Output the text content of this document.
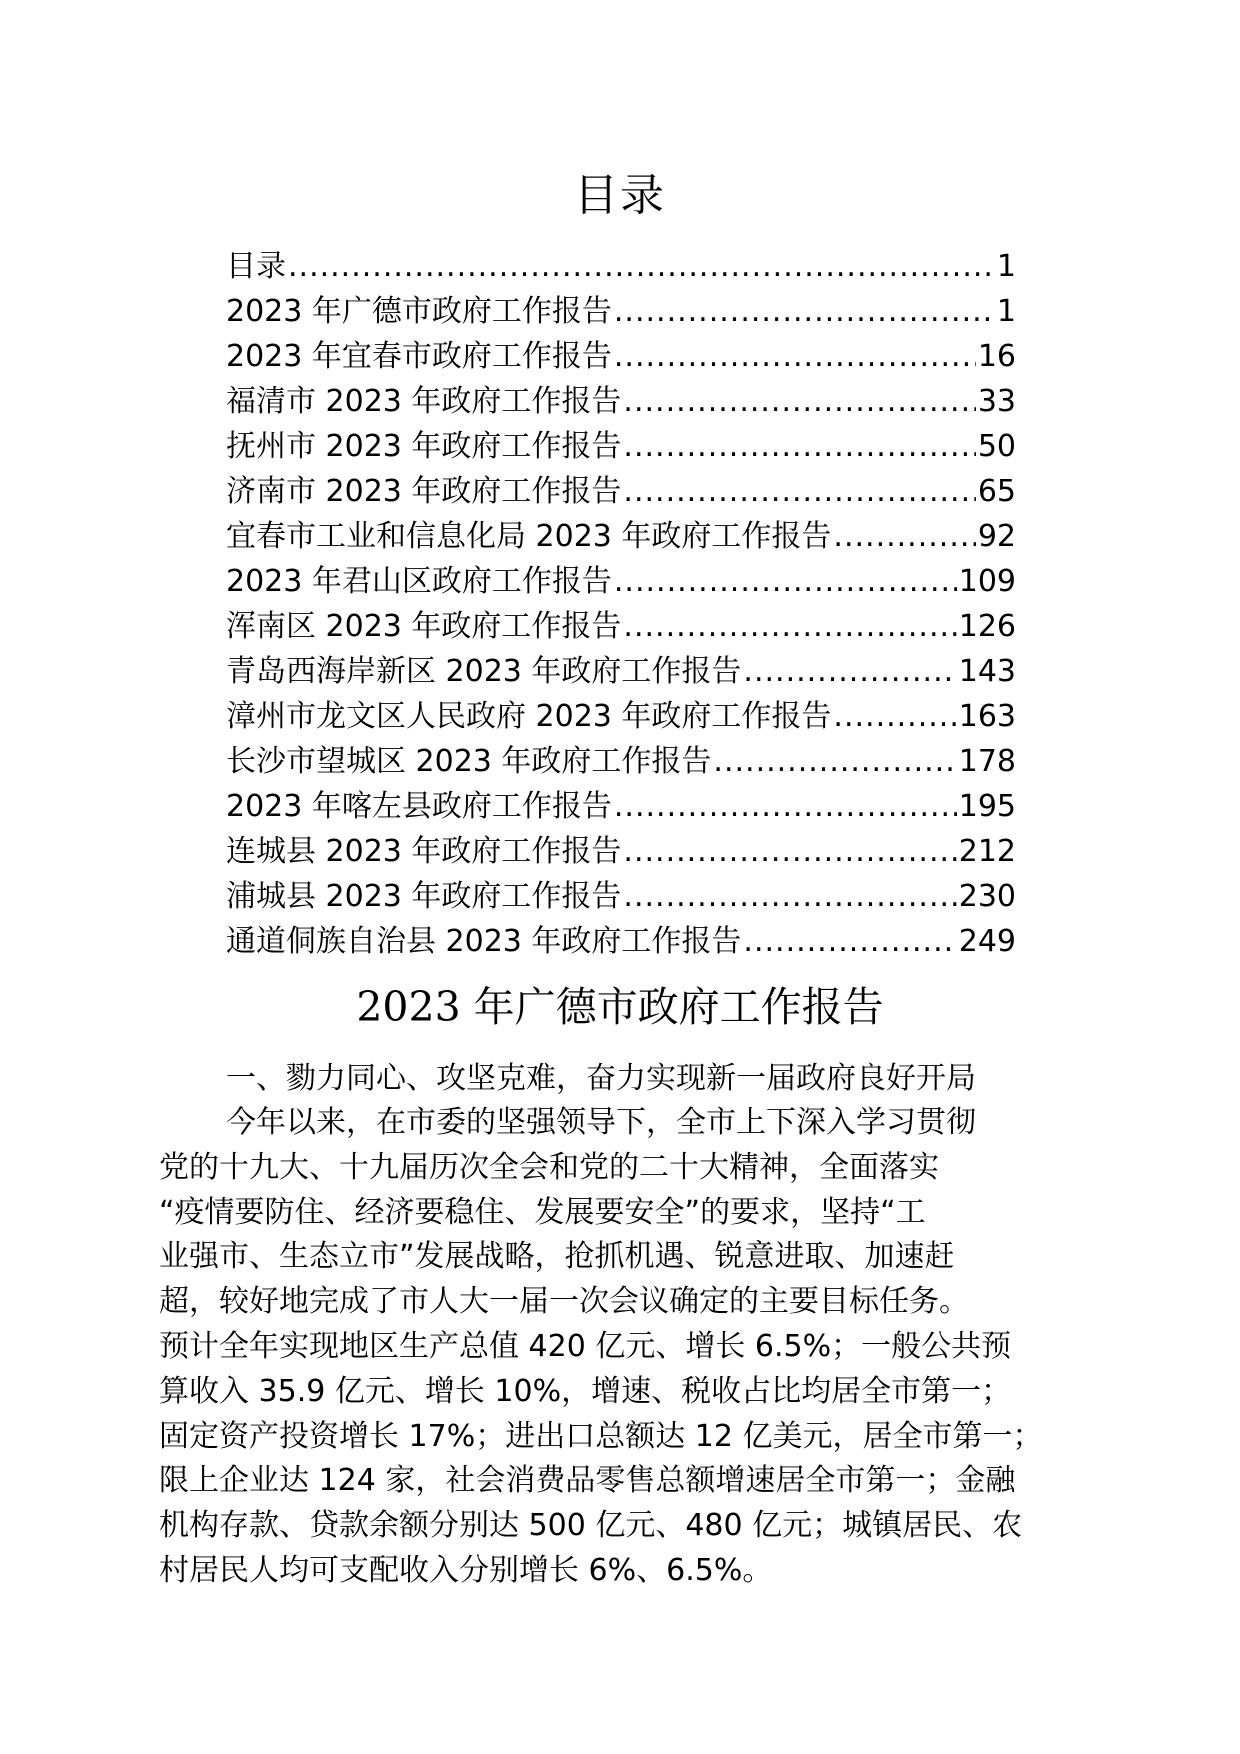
目录
目录 .....	1
2023 年广德市政府工作报告 .....	1
2023 年宜春市政府工作报告 .....	16
福清市 2023 年政府工作报告 .....	33
抚州市 2023 年政府工作报告 .....	50
济南市 2023 年政府工作报告 .....	65
宜春市工业和信息化局 2023 年政府工作报告 .....	92
2023 年君山区政府工作报告 .....	109
浑南区 2023 年政府工作报告 .....	126
青岛西海岸新区 2023 年政府工作报告 .....	143
漳州市龙文区人民政府 2023 年政府工作报告 .....	163
长沙市望城区 2023 年政府工作报告 .....	178
2023 年喀左县政府工作报告 .....	195
连城县 2023 年政府工作报告 .....	212
浦城县 2023 年政府工作报告 .....	230
通道侗族自治县 2023 年政府工作报告 .....	249
2023 年广德市政府工作报告
一、勠力同心、攻坚克难，奋力实现新一届政府良好开局

今年以来，在市委的坚强领导下，全市上下深入学习贯彻
党的十九大、十九届历次全会和党的二十大精神，全面落实
“疫情要防住、经济要稳住、发展要安全”的要求，坚持“工
业强市、生态立市”发展战略，抢抓机遇、锐意进取、加速赶
超，较好地完成了市人大一届一次会议确定的主要目标任务。
预计全年实现地区生产总值 420 亿元、增长 6.5%；一般公共预
算收入 35.9 亿元、增长 10%，增速、税收占比均居全市第一；
固定资产投资增长 17%；进出口总额达 12 亿美元，居全市第一；
限上企业达 124 家，社会消费品零售总额增速居全市第一；金融
机构存款、贷款余额分别达 500 亿元、480 亿元；城镇居民、农
村居民人均可支配收入分别增长 6%、6.5%。
